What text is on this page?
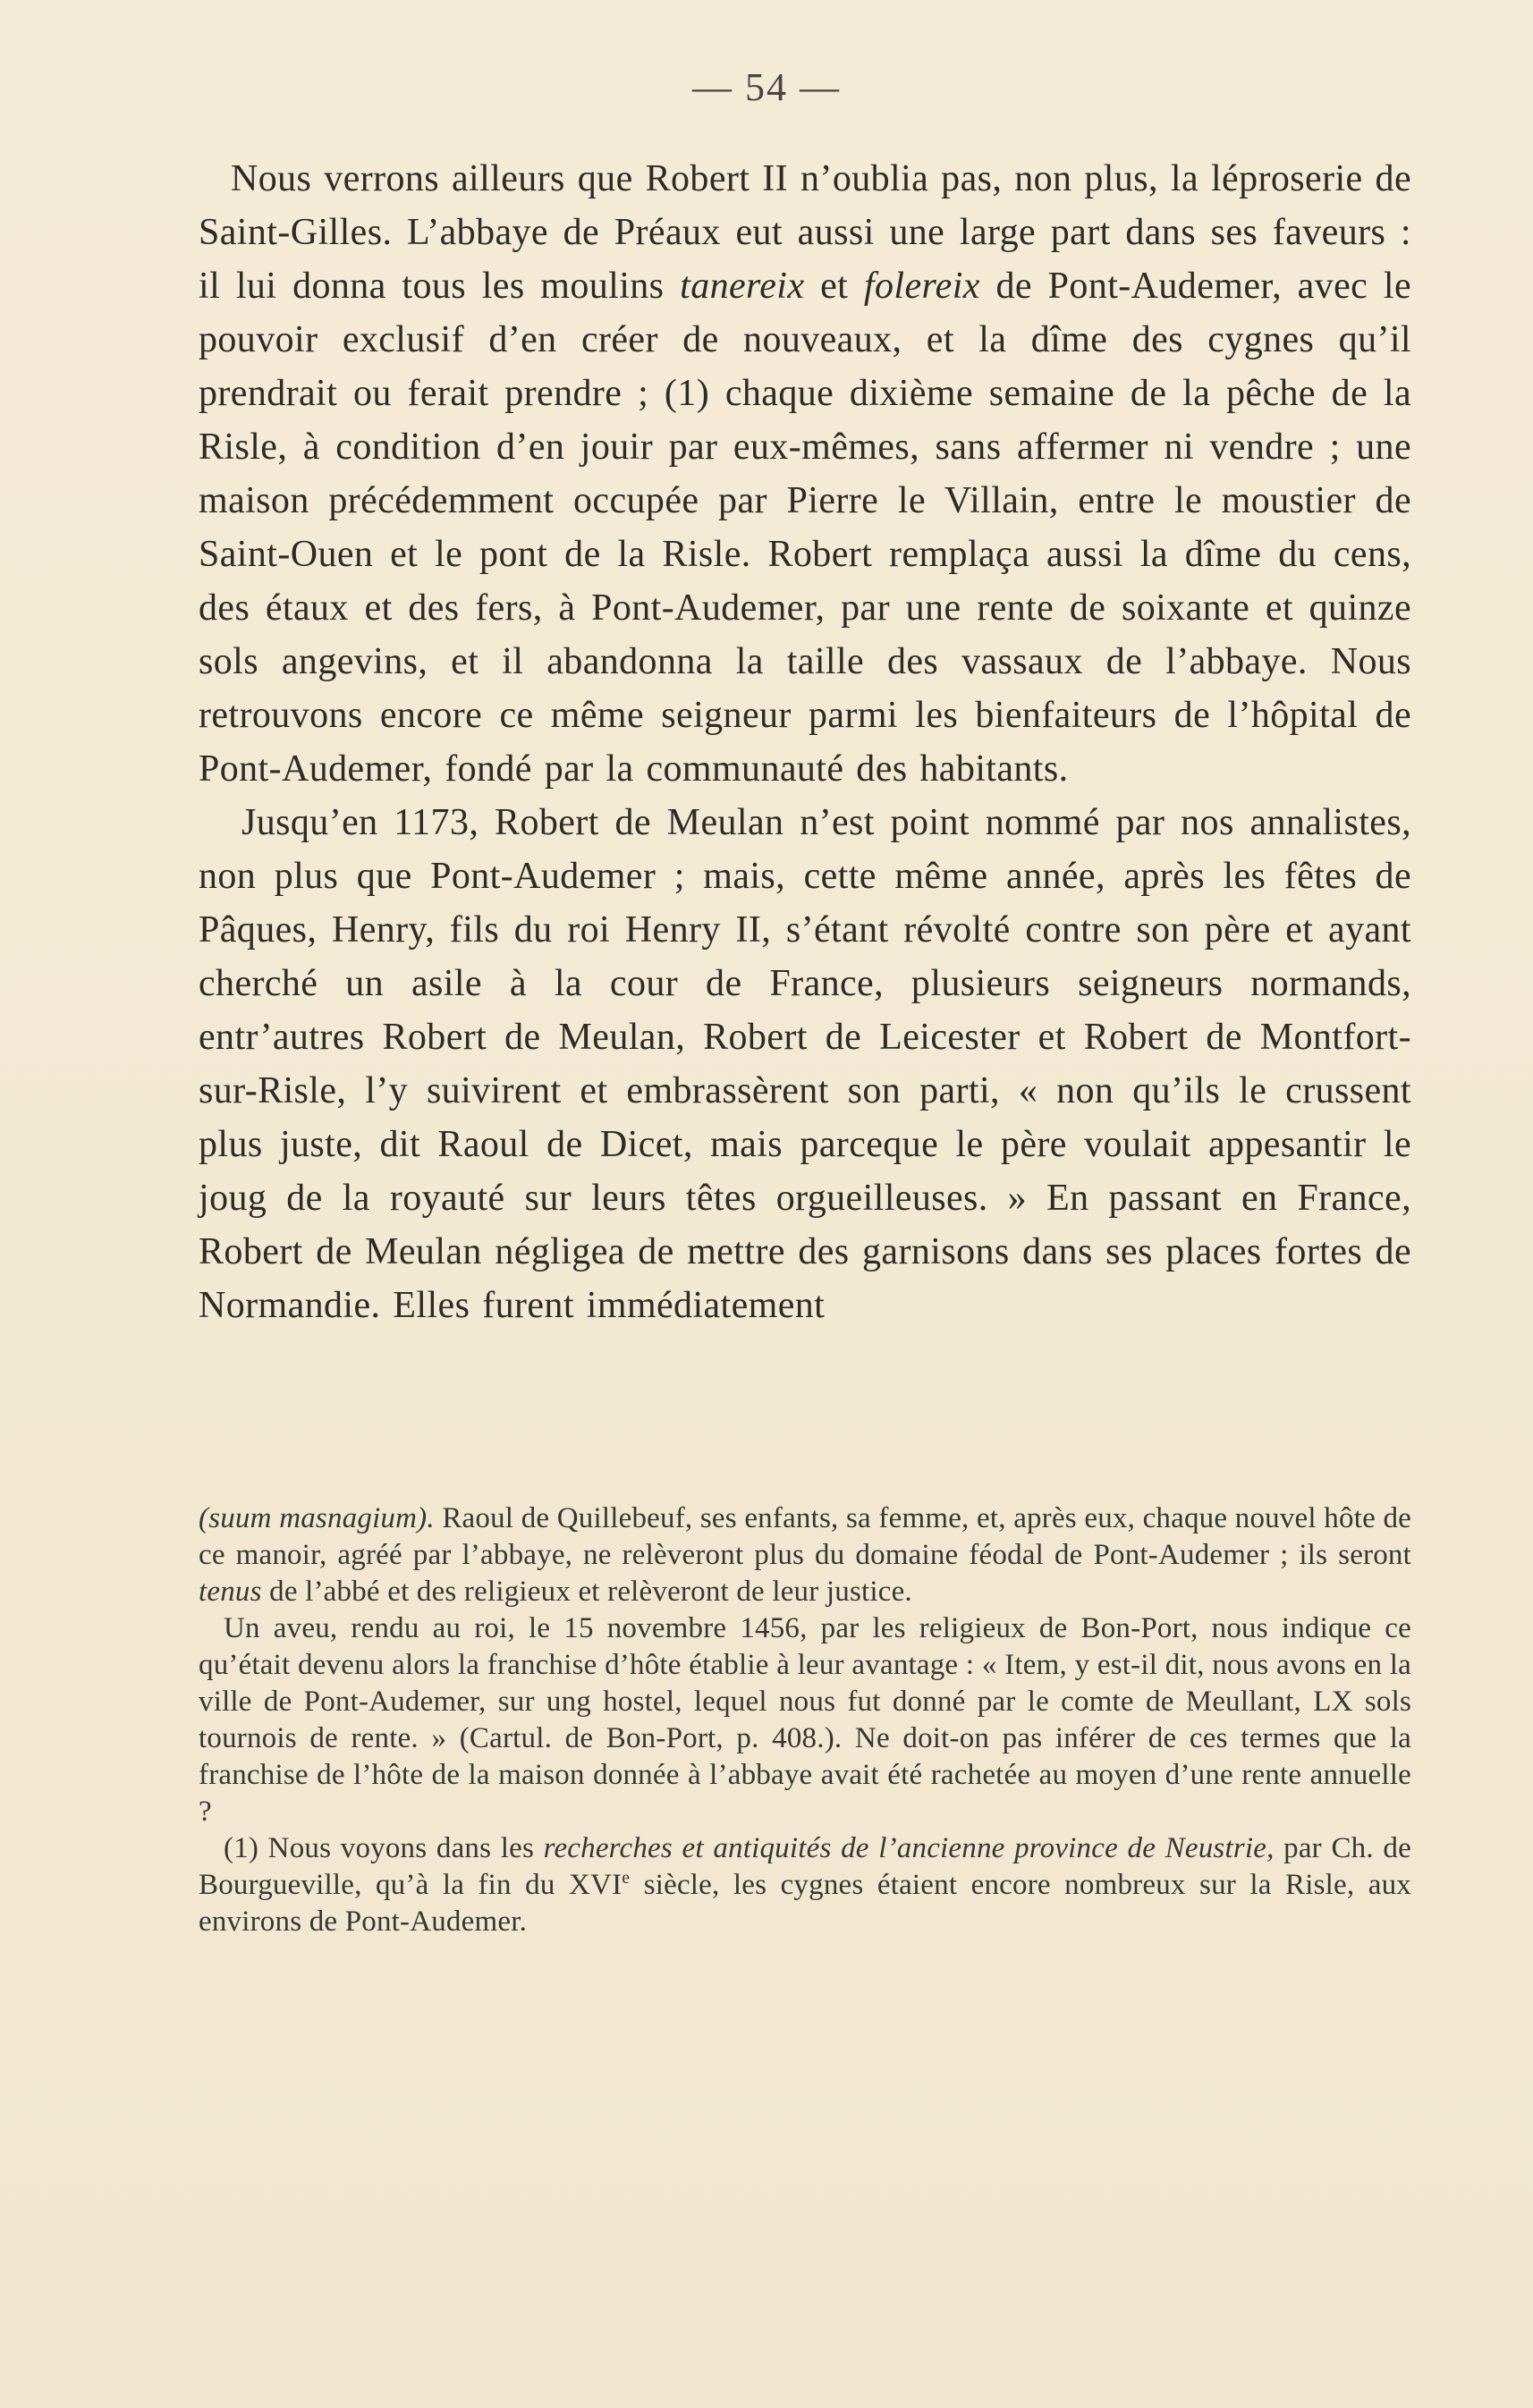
— 54 —

Nous verrons ailleurs que Robert II n’oublia pas, non plus, la léproserie de Saint-Gilles. L’abbaye de Préaux eut aussi une large part dans ses faveurs : il lui donna tous les moulins tanereix et folereix de Pont-Audemer, avec le pouvoir exclusif d’en créer de nouveaux, et la dîme des cygnes qu’il prendrait ou ferait prendre ; (1) chaque dixième semaine de la pêche de la Risle, à condition d’en jouir par eux-mêmes, sans affermer ni vendre ; une maison précédemment occupée par Pierre le Villain, entre le moustier de Saint-Ouen et le pont de la Risle. Robert remplaça aussi la dîme du cens, des étaux et des fers, à Pont-Audemer, par une rente de soixante et quinze sols angevins, et il abandonna la taille des vassaux de l’abbaye. Nous retrouvons encore ce même seigneur parmi les bienfaiteurs de l’hôpital de Pont-Audemer, fondé par la communauté des habitants.

Jusqu’en 1173, Robert de Meulan n’est point nommé par nos annalistes, non plus que Pont-Audemer ; mais, cette même année, après les fêtes de Pâques, Henry, fils du roi Henry II, s’étant révolté contre son père et ayant cherché un asile à la cour de France, plusieurs seigneurs normands, entr’autres Robert de Meulan, Robert de Leicester et Robert de Montfort-sur-Risle, l’y suivirent et embrassèrent son parti, « non qu’ils le crussent plus juste, dit Raoul de Dicet, mais parceque le père voulait appesantir le joug de la royauté sur leurs têtes orgueilleuses. » En passant en France, Robert de Meulan négligea de mettre des garnisons dans ses places fortes de Normandie. Elles furent immédiatement

(suum masnagium). Raoul de Quillebeuf, ses enfants, sa femme, et, après eux, chaque nouvel hôte de ce manoir, agréé par l’abbaye, ne relèveront plus du domaine féodal de Pont-Audemer ; ils seront tenus de l’abbé et des religieux et relèveront de leur justice.

Un aveu, rendu au roi, le 15 novembre 1456, par les religieux de Bon-Port, nous indique ce qu’était devenu alors la franchise d’hôte établie à leur avantage : « Item, y est-il dit, nous avons en la ville de Pont-Audemer, sur ung hostel, lequel nous fut donné par le comte de Meullant, LX sols tournois de rente. » (Cartul. de Bon-Port, p. 408.). Ne doit-on pas inférer de ces termes que la franchise de l’hôte de la maison donnée à l’abbaye avait été rachetée au moyen d’une rente annuelle ?

(1) Nous voyons dans les recherches et antiquités de l’ancienne province de Neustrie, par Ch. de Bourgueville, qu’à la fin du XVIe siècle, les cygnes étaient encore nombreux sur la Risle, aux environs de Pont-Audemer.
